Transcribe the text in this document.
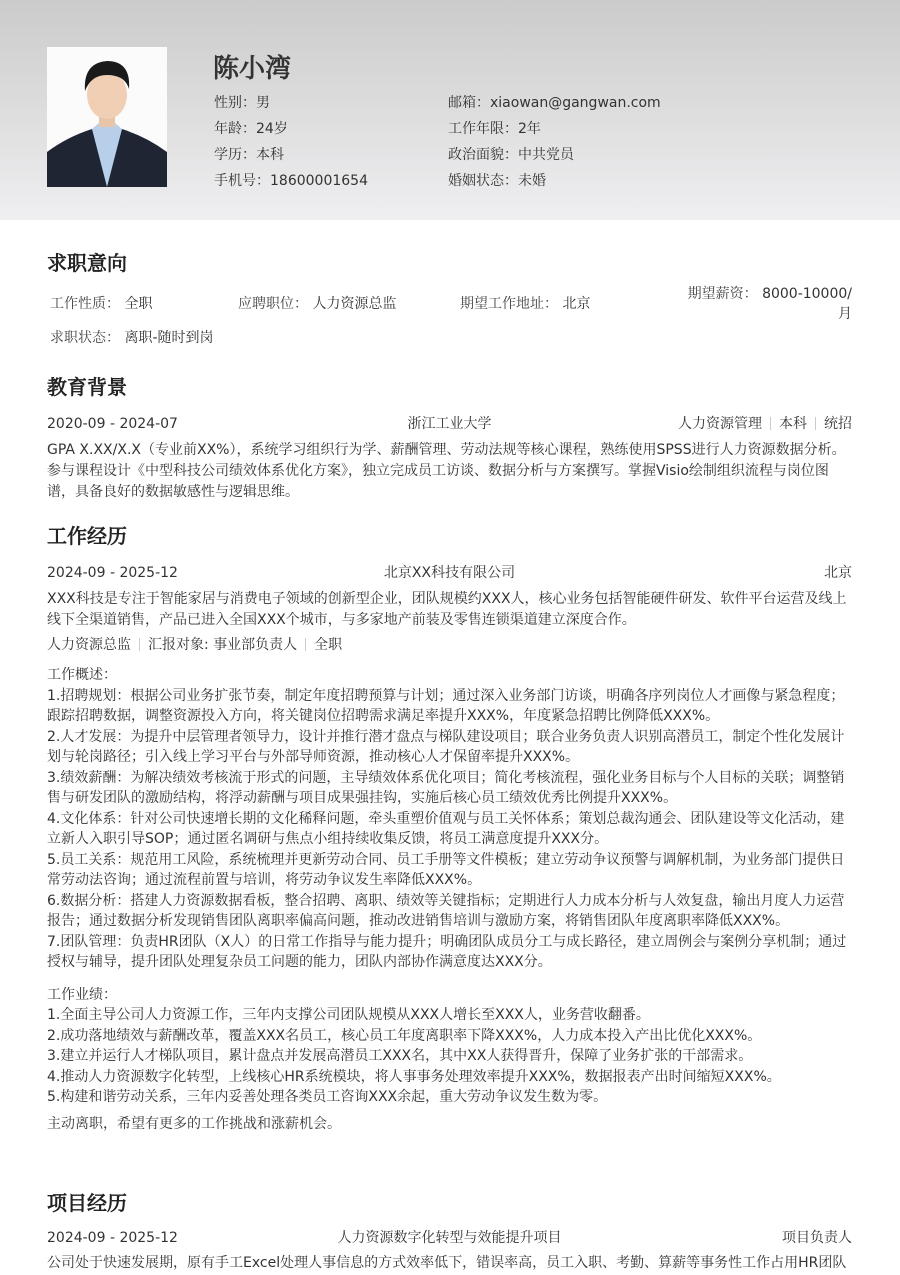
陈小湾
性别：男
年龄：24岁
学历：本科
手机号：18600001654
邮箱：xiaowan@gangwan.com
工作年限：2年
政治面貌：中共党员
婚姻状态：未婚
求职意向
工作性质： 全职	应聘职位： 人力资源总监	期望工作地址： 北京
期望薪资： 8000-10000/月
求职状态：
离职-随时到岗
教育背景
2020-09 - 2024-07	浙江工业大学	人力资源管理 本科 统招

GPA X.XX/X.X（专业前XX%），系统学习组织行为学、薪酬管理、劳动法规等核心课程，熟练使用SPSS进行人力资源数据分析。参与课程设计《中型科技公司绩效体系优化方案》，独立完成员工访谈、数据分析与方案撰写。掌握Visio绘制组织流程与岗位图谱，具备良好的数据敏感性与逻辑思维。

工作经历
2024-09 - 2025-12	北京XX科技有限公司	北京

XXX科技是专注于智能家居与消费电子领域的创新型企业，团队规模约XXX人，核心业务包括智能硬件研发、软件平台运营及线上线下全渠道销售，产品已进入全国XXX个城市，与多家地产前装及零售连锁渠道建立深度合作。

人力资源总监 汇报对象: 事业部负责人 全职
工作概述：
1.招聘规划：根据公司业务扩张节奏，制定年度招聘预算与计划；通过深入业务部门访谈，明确各序列岗位人才画像与紧急程度；跟踪招聘数据，调整资源投入方向，将关键岗位招聘需求满足率提升XXX%，年度紧急招聘比例降低XXX%。
2.人才发展：为提升中层管理者领导力，设计并推行潜才盘点与梯队建设项目；联合业务负责人识别高潜员工，制定个性化发展计划与轮岗路径；引入线上学习平台与外部导师资源，推动核心人才保留率提升XXX%。
3.绩效薪酬：为解决绩效考核流于形式的问题，主导绩效体系优化项目；简化考核流程，强化业务目标与个人目标的关联；调整销售与研发团队的激励结构，将浮动薪酬与项目成果强挂钩，实施后核心员工绩效优秀比例提升XXX%。
4.文化体系：针对公司快速增长期的文化稀释问题，牵头重塑价值观与员工关怀体系；策划总裁沟通会、团队建设等文化活动，建立新人入职引导SOP；通过匿名调研与焦点小组持续收集反馈，将员工满意度提升XXX分。
5.员工关系：规范用工风险，系统梳理并更新劳动合同、员工手册等文件模板；建立劳动争议预警与调解机制，为业务部门提供日常劳动法咨询；通过流程前置与培训，将劳动争议发生率降低XXX%。
6.数据分析：搭建人力资源数据看板，整合招聘、离职、绩效等关键指标；定期进行人力成本分析与人效复盘，输出月度人力运营报告；通过数据分析发现销售团队离职率偏高问题，推动改进销售培训与激励方案，将销售团队年度离职率降低XXX%。
7.团队管理：负责HR团队（X人）的日常工作指导与能力提升；明确团队成员分工与成长路径，建立周例会与案例分享机制；通过授权与辅导，提升团队处理复杂员工问题的能力，团队内部协作满意度达XXX分。
工作业绩：
1.全面主导公司人力资源工作，三年内支撑公司团队规模从XXX人增长至XXX人，业务营收翻番。
2.成功落地绩效与薪酬改革，覆盖XXX名员工，核心员工年度离职率下降XXX%，人力成本投入产出比优化XXX%。
3.建立并运行人才梯队项目，累计盘点并发展高潜员工XXX名，其中XX人获得晋升，保障了业务扩张的干部需求。
4.推动人力资源数字化转型，上线核心HR系统模块，将人事事务处理效率提升XXX%，数据报表产出时间缩短XXX%。
5.构建和谐劳动关系，三年内妥善处理各类员工咨询XXX余起，重大劳动争议发生数为零。

主动离职，希望有更多的工作挑战和涨薪机会。

项目经历
2024-09 - 2025-12	人力资源数字化转型与效能提升项目	项目负责人
公司处于快速发展期，原有手工Excel处理人事信息的方式效率低下，错误率高，员工入职、考勤、算薪等事务性工作占用HR团队
